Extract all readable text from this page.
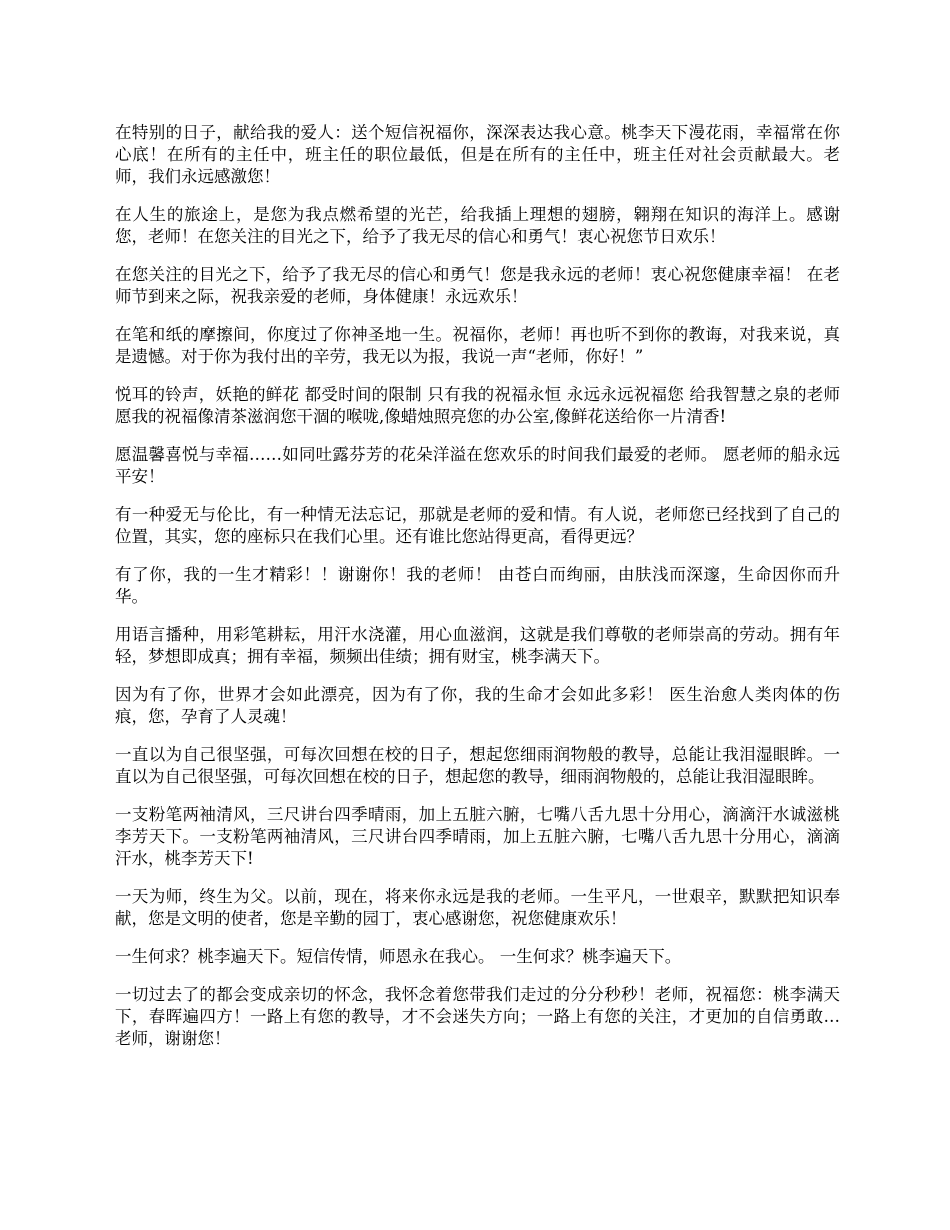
在特别的日子，献给我的爱人：送个短信祝福你，深深表达我心意。桃李天下漫花雨，幸福常在你心底！在所有的主任中，班主任的职位最低，但是在所有的主任中，班主任对社会贡献最大。老师，我们永远感激您！

在人生的旅途上，是您为我点燃希望的光芒，给我插上理想的翅膀，翱翔在知识的海洋上。感谢您，老师！在您关注的目光之下，给予了我无尽的信心和勇气！衷心祝您节日欢乐！

在您关注的目光之下，给予了我无尽的信心和勇气！您是我永远的老师！衷心祝您健康幸福！ 在老师节到来之际，祝我亲爱的老师，身体健康！永远欢乐！

在笔和纸的摩擦间，你度过了你神圣地一生。祝福你，老师！再也听不到你的教诲，对我来说，真是遗憾。对于你为我付出的辛劳，我无以为报，我说一声“老师，你好！”

悦耳的铃声，妖艳的鲜花 都受时间的限制 只有我的祝福永恒 永远永远祝福您 给我智慧之泉的老师愿我的祝福像清茶滋润您干涸的喉咙,像蜡烛照亮您的办公室,像鲜花送给你一片清香!

愿温馨喜悦与幸福……如同吐露芬芳的花朵洋溢在您欢乐的时间我们最爱的老师。 愿老师的船永远平安！

有一种爱无与伦比，有一种情无法忘记，那就是老师的爱和情。有人说，老师您已经找到了自己的位置，其实，您的座标只在我们心里。还有谁比您站得更高，看得更远？

有了你，我的一生才精彩！！谢谢你！我的老师！ 由苍白而绚丽，由肤浅而深邃，生命因你而升华。

用语言播种，用彩笔耕耘，用汗水浇灌，用心血滋润，这就是我们尊敬的老师崇高的劳动。拥有年轻，梦想即成真；拥有幸福，频频出佳绩；拥有财宝，桃李满天下。

因为有了你，世界才会如此漂亮，因为有了你，我的生命才会如此多彩！ 医生治愈人类肉体的伤痕，您，孕育了人灵魂！

一直以为自己很坚强，可每次回想在校的日子，想起您细雨润物般的教导，总能让我泪湿眼眸。一直以为自己很坚强，可每次回想在校的日子，想起您的教导，细雨润物般的，总能让我泪湿眼眸。

一支粉笔两袖清风，三尺讲台四季晴雨，加上五脏六腑，七嘴八舌九思十分用心，滴滴汗水诚滋桃李芳天下。一支粉笔两袖清风，三尺讲台四季晴雨，加上五脏六腑，七嘴八舌九思十分用心，滴滴汗水，桃李芳天下!

一天为师，终生为父。以前，现在，将来你永远是我的老师。一生平凡，一世艰辛，默默把知识奉献，您是文明的使者，您是辛勤的园丁，衷心感谢您，祝您健康欢乐！

一生何求？桃李遍天下。短信传情，师恩永在我心。 一生何求？桃李遍天下。

一切过去了的都会变成亲切的怀念，我怀念着您带我们走过的分分秒秒！老师，祝福您：桃李满天下，春晖遍四方！一路上有您的教导，才不会迷失方向；一路上有您的关注，才更加的自信勇敢…老师，谢谢您！
